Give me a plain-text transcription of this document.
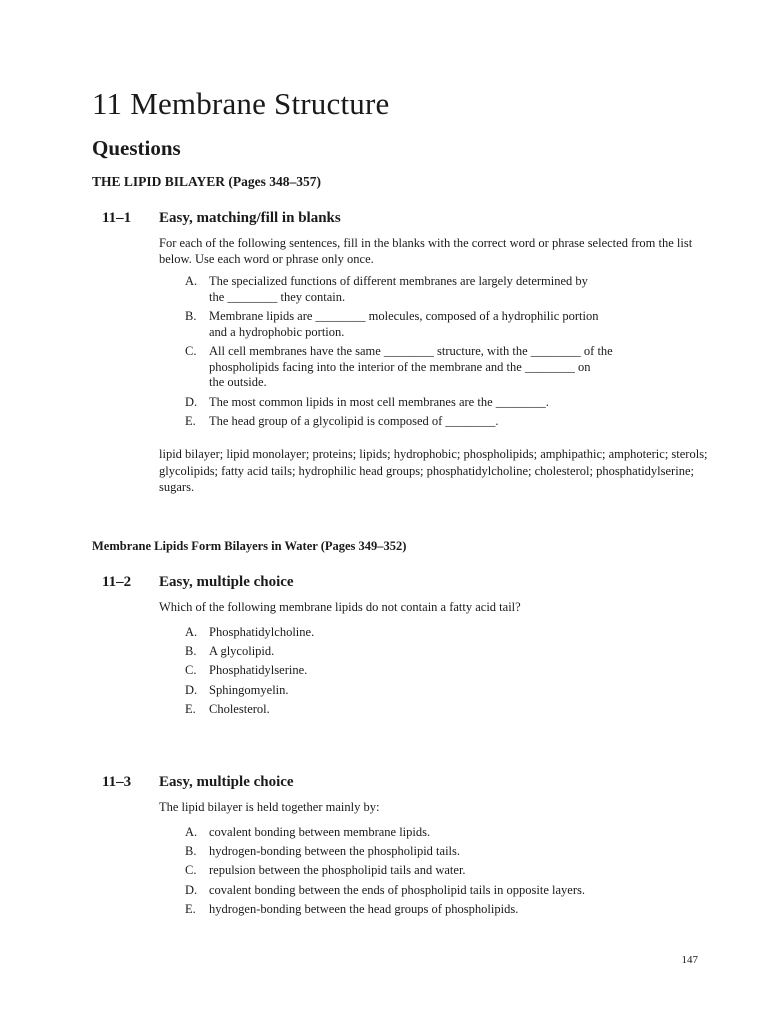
11 Membrane Structure
Questions
THE LIPID BILAYER (Pages 348–357)
11–1	Easy, matching/fill in blanks

For each of the following sentences, fill in the blanks with the correct word or phrase selected from the list below. Use each word or phrase only once.

A. The specialized functions of different membranes are largely determined by
the ________ they contain.
B.	Membrane lipids are ________ molecules, composed of a hydrophilic portion
and a hydrophobic portion.
C.	All cell membranes have the same ________ structure, with the ________ of the
phospholipids facing into the interior of the membrane and the ________ on
the outside.
D. The most common lipids in most cell membranes are the ________.
E.	The head group of a glycolipid is composed of ________.

lipid bilayer; lipid monolayer; proteins; lipids; hydrophobic; phospholipids; amphipathic; amphoteric; sterols; glycolipids; fatty acid tails; hydrophilic head groups; phosphatidylcholine; cholesterol; phosphatidylserine; sugars.

Membrane Lipids Form Bilayers in Water (Pages 349–352)
11–2	Easy, multiple choice

Which of the following membrane lipids do not contain a fatty acid tail?

A. Phosphatidylcholine.
B.	A glycolipid.
C.	Phosphatidylserine.
D. Sphingomyelin.
E.	Cholesterol.
11–3	Easy, multiple choice

The lipid bilayer is held together mainly by:

A. covalent bonding between membrane lipids.
B.	hydrogen-bonding between the phospholipid tails.
C.	repulsion between the phospholipid tails and water.
D. covalent bonding between the ends of phospholipid tails in opposite layers.
E.	hydrogen-bonding between the head groups of phospholipids.
147
